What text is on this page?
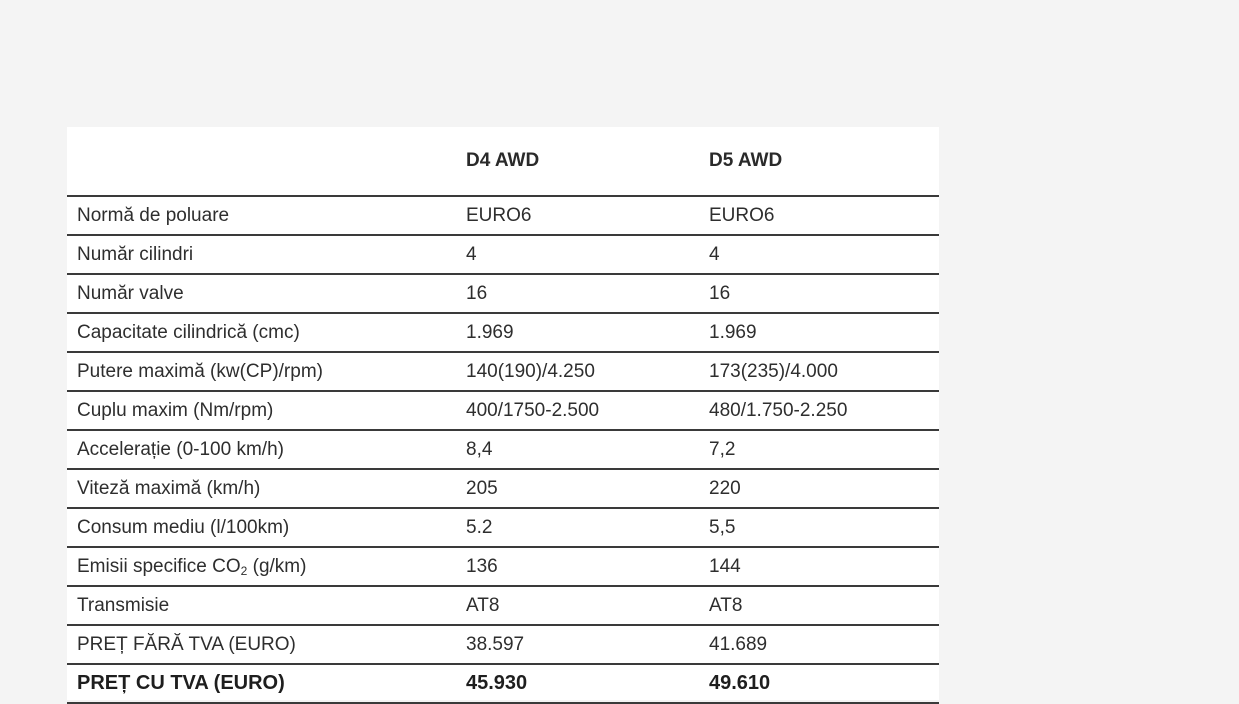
	D4 AWD	D5 AWD
Normă de poluare	EURO6	EURO6
Număr cilindri	4	4
Număr valve	16	16
Capacitate cilindrică (cmc)	1.969	1.969
Putere maximă (kw(CP)/rpm)	140(190)/4.250	173(235)/4.000
Cuplu maxim (Nm/rpm)	400/1750-2.500	480/1.750-2.250
Accelerație (0-100 km/h)	8,4	7,2
Viteză maximă (km/h)	205	220
Consum mediu (l/100km)	5.2	5,5
Emisii specifice $CO_2$ (g/km)	136	144
Transmisie	AT8	AT8
PREȚ FĂRĂ TVA (EURO)	38.597	41.689
PREȚ CU TVA (EURO)	45.930	49.610
